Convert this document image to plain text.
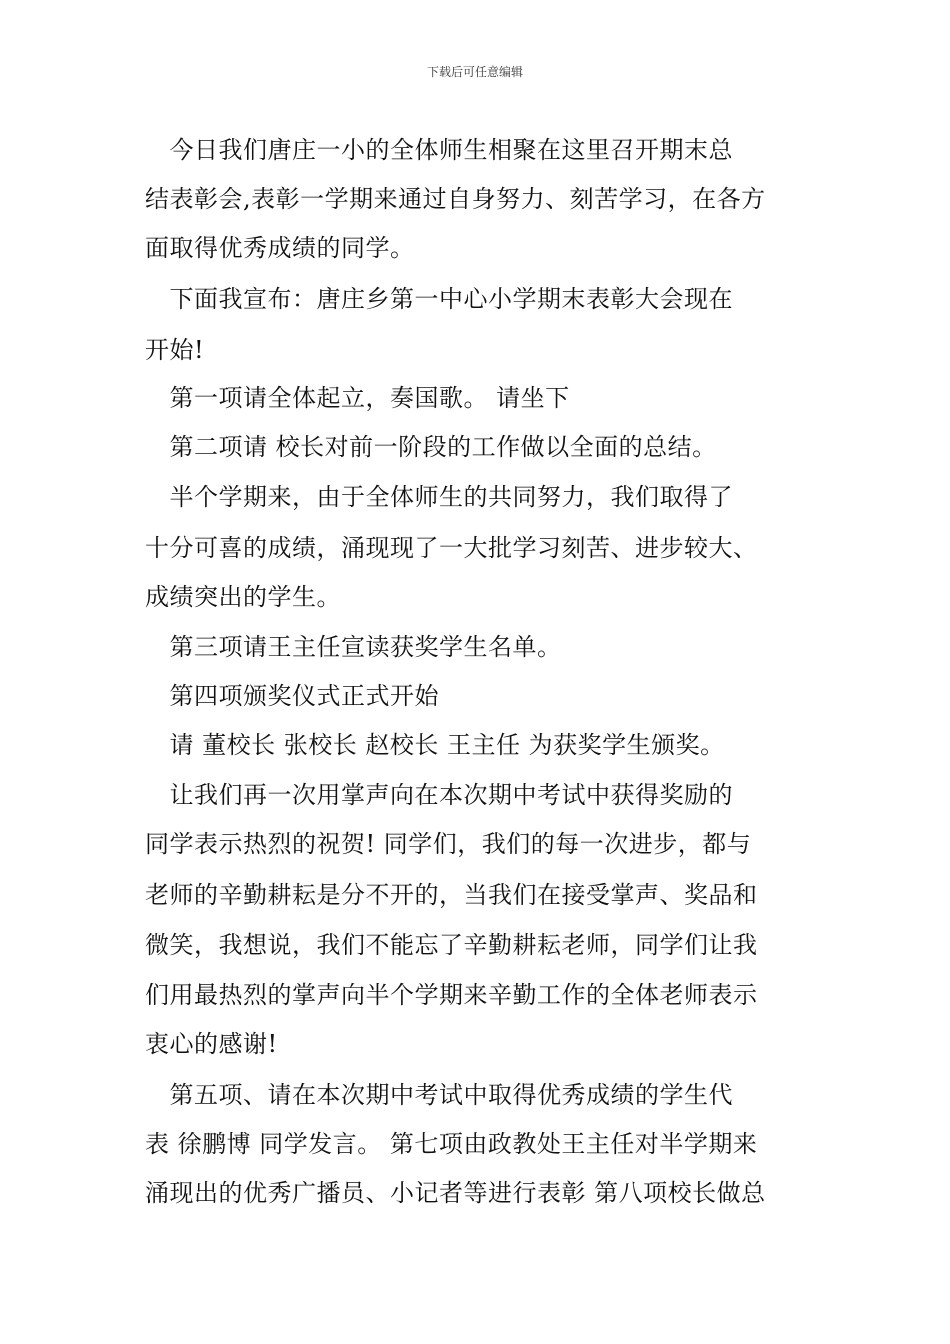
下载后可任意编辑
　今日我们唐庄一小的全体师生相聚在这里召开期末总
结表彰会,表彰一学期来通过自身努力、刻苦学习，在各方
面取得优秀成绩的同学。
　下面我宣布：唐庄乡第一中心小学期末表彰大会现在
开始!
　第一项请全体起立，奏国歌。 请坐下
　第二项请 校长对前一阶段的工作做以全面的总结。
　半个学期来，由于全体师生的共同努力，我们取得了
十分可喜的成绩，涌现现了一大批学习刻苦、进步较大、
成绩突出的学生。
　第三项请王主任宣读获奖学生名单。
　第四项颁奖仪式正式开始
　请 董校长 张校长 赵校长 王主任 为获奖学生颁奖。
　让我们再一次用掌声向在本次期中考试中获得奖励的
同学表示热烈的祝贺! 同学们，我们的每一次进步，都与
老师的辛勤耕耘是分不开的，当我们在接受掌声、奖品和
微笑，我想说，我们不能忘了辛勤耕耘老师，同学们让我
们用最热烈的掌声向半个学期来辛勤工作的全体老师表示
衷心的感谢!
　第五项、请在本次期中考试中取得优秀成绩的学生代
表 徐鹏博 同学发言。 第七项由政教处王主任对半学期来
涌现出的优秀广播员、小记者等进行表彰 第八项校长做总
